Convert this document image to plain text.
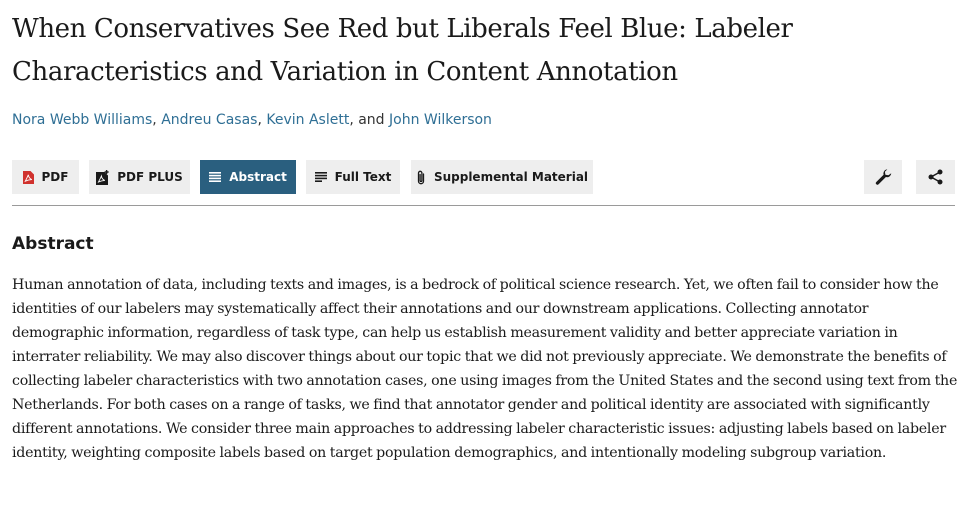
When Conservatives See Red but Liberals Feel Blue: Labeler Characteristics and Variation in Content Annotation
Nora Webb Williams, Andreu Casas, Kevin Aslett, and John Wilkerson
PDF	PDF PLUS	Abstract	Full Text	Supplemental Material
Abstract

Human annotation of data, including texts and images, is a bedrock of political science research. Yet, we often fail to consider how the identities of our labelers may systematically affect their annotations and our downstream applications. Collecting annotator demographic information, regardless of task type, can help us establish measurement validity and better appreciate variation in interrater reliability. We may also discover things about our topic that we did not previously appreciate. We demonstrate the benefits of collecting labeler characteristics with two annotation cases, one using images from the United States and the second using text from the Netherlands. For both cases on a range of tasks, we find that annotator gender and political identity are associated with significantly different annotations. We consider three main approaches to addressing labeler characteristic issues: adjusting labels based on labeler identity, weighting composite labels based on target population demographics, and intentionally modeling subgroup variation.
